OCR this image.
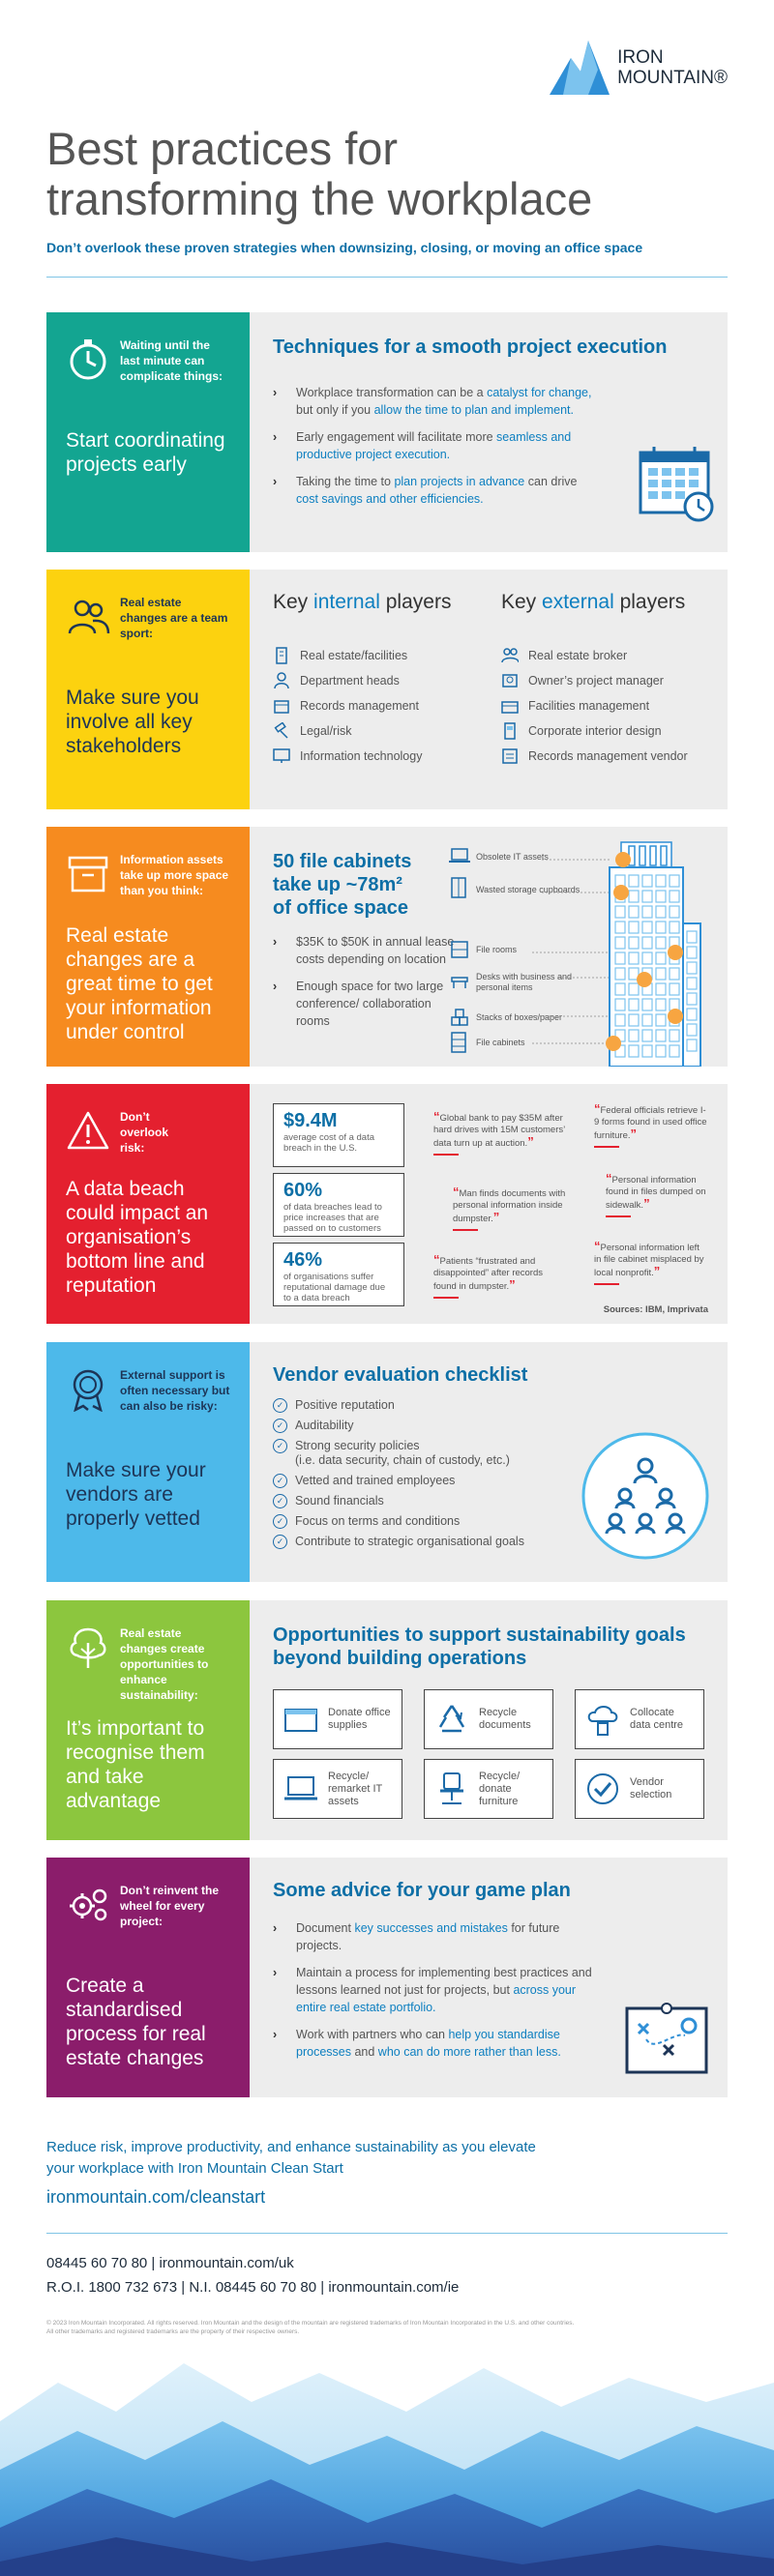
IRON
MOUNTAIN®
Best practices for
transforming the workplace
Don’t overlook these proven strategies when downsizing, closing, or moving an office space
Waiting until the last minute can complicate things:
Start coordinating projects early
Techniques for a smooth project execution
› Workplace transformation can be a catalyst for change, but only if you allow the time to plan and implement.
› Early engagement will facilitate more seamless and productive project execution.
› Taking the time to plan projects in advance can drive cost savings and other efficiencies.
Real estate changes are a team sport:
Make sure you involve all key stakeholders
Key internal players Key external players
Real estate/facilities
Department heads
Records management
Legal/risk
Information technology
Real estate broker
Owner’s project manager
Facilities management
Corporate interior design
Records management vendor
Information assets take up more space than you think:
Real estate changes are a great time to get your information under control
50 file cabinets
take up ~78m²
of office space
› $35K to $50K in annual lease costs depending on location
› Enough space for two large conference/ collaboration rooms
Obsolete IT assets
Wasted storage cupboards
File rooms
Desks with business and personal items
Stacks of boxes/paper
File cabinets
Don’t overlook risk:
A data beach could impact an organisation’s bottom line and reputation
$9.4M
average cost of a data breach in the U.S.
60%
of data breaches lead to price increases that are passed on to customers
46%
of organisations suffer reputational damage due to a data breach
“Global bank to pay $35M after hard drives with 15M customers’ data turn up at auction.”
“Federal officials retrieve I-9 forms found in used office furniture.”
“Man finds documents with personal information inside dumpster.”
“Personal information found in files dumped on sidewalk.”
“Patients “frustrated and disappointed” after records found in dumpster.”
“Personal information left in file cabinet misplaced by local nonprofit.”
Sources: IBM, Imprivata
External support is often necessary but can also be risky:
Make sure your vendors are properly vetted
Vendor evaluation checklist
✓ Positive reputation
✓ Auditability
✓ Strong security policies
(i.e. data security, chain of custody, etc.)
✓ Vetted and trained employees
✓ Sound financials
✓ Focus on terms and conditions
✓ Contribute to strategic organisational goals
Real estate changes create opportunities to enhance sustainability:
It’s important to recognise them and take advantage
Opportunities to support sustainability goals beyond building operations
Donate office supplies
Recycle documents
Collocate data centre
Recycle/ remarket IT assets
Recycle/ donate furniture
Vendor selection
Don’t reinvent the wheel for every project:
Create a standardised process for real estate changes
Some advice for your game plan
› Document key successes and mistakes for future projects.
› Maintain a process for implementing best practices and lessons learned not just for projects, but across your entire real estate portfolio.
› Work with partners who can help you standardise processes and who can do more rather than less.
Reduce risk, improve productivity, and enhance sustainability as you elevate your workplace with Iron Mountain Clean Start
ironmountain.com/cleanstart
08445 60 70 80 | ironmountain.com/uk
R.O.I. 1800 732 673 | N.I. 08445 60 70 80 | ironmountain.com/ie
© 2023 Iron Mountain Incorporated. All rights reserved. Iron Mountain and the design of the mountain are registered trademarks of Iron Mountain Incorporated in the U.S. and other countries.
All other trademarks and registered trademarks are the property of their respective owners.
